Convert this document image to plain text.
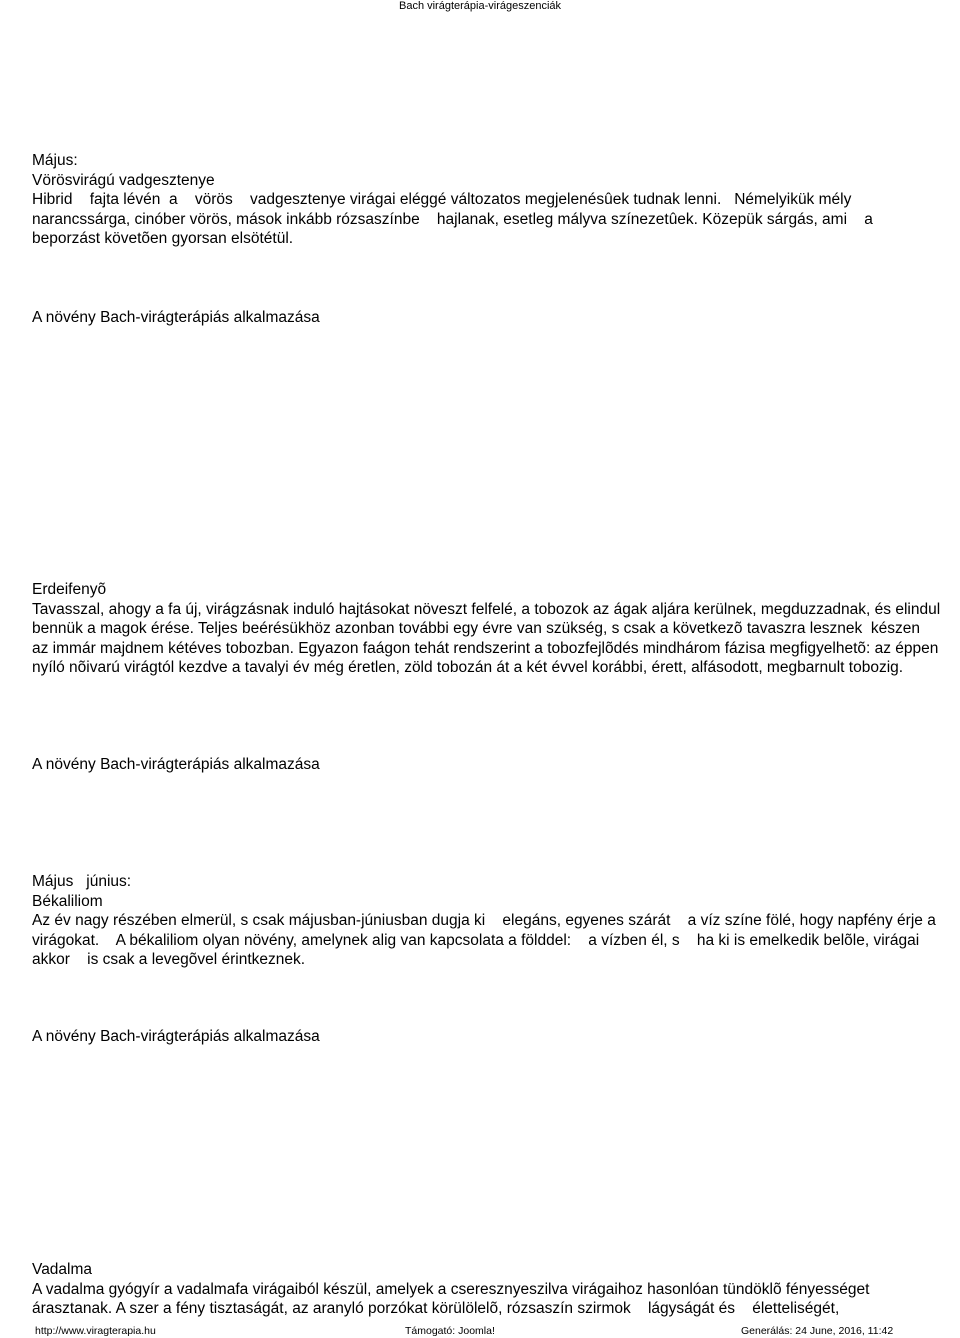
Bach virágterápia-virágeszenciák

Május:

Vörösvirágú vadgesztenye

Hibrid    fajta lévén  a    vörös    vadgesztenye virágai eléggé változatos megjelenésûek tudnak lenni.   Némelyikük mély    narancssárga, cinóber vörös, mások inkább rózsaszínbe    hajlanak, esetleg mályva színezetûek. Közepük sárgás, ami    a beporzást követõen gyorsan elsötétül.

A növény Bach-virágterápiás alkalmazása

Erdeifenyõ

Tavasszal, ahogy a fa új, virágzásnak induló hajtásokat növeszt felfelé, a tobozok az ágak aljára kerülnek, megduzzadnak, és elindul bennük a magok érése. Teljes beérésükhöz azonban további egy évre van szükség, s csak a következõ tavaszra lesznek  készen  az immár majdnem kétéves tobozban. Egyazon faágon tehát rendszerint a tobozfejlõdés mindhárom fázisa megfigyelhetõ: az éppen nyíló nõivarú virágtól kezdve a tavalyi év még éretlen, zöld tobozán át a két évvel korábbi, érett, alfásodott, megbarnult tobozig.

A növény Bach-virágterápiás alkalmazása

Május   június:

Békaliliom

Az év nagy részében elmerül, s csak májusban-júniusban dugja ki    elegáns, egyenes szárát    a víz színe fölé, hogy napfény érje a virágokat.    A békaliliom olyan növény, amelynek alig van kapcsolata a földdel:    a vízben él, s    ha ki is emelkedik belõle, virágai     akkor    is csak a levegõvel érintkeznek.

A növény Bach-virágterápiás alkalmazása

Vadalma

A vadalma gyógyír a vadalmafa virágaiból készül, amelyek a cseresznyeszilva virágaihoz hasonlóan tündöklõ fényességet árasztanak. A szer a fény tisztaságát, az aranyló porzókat körülölelõ, rózsaszín szirmok    lágyságát és    életteliségét,

http://www.viragterapia.hu	Támogató: Joomla!	Generálás: 24 June, 2016, 11:42
